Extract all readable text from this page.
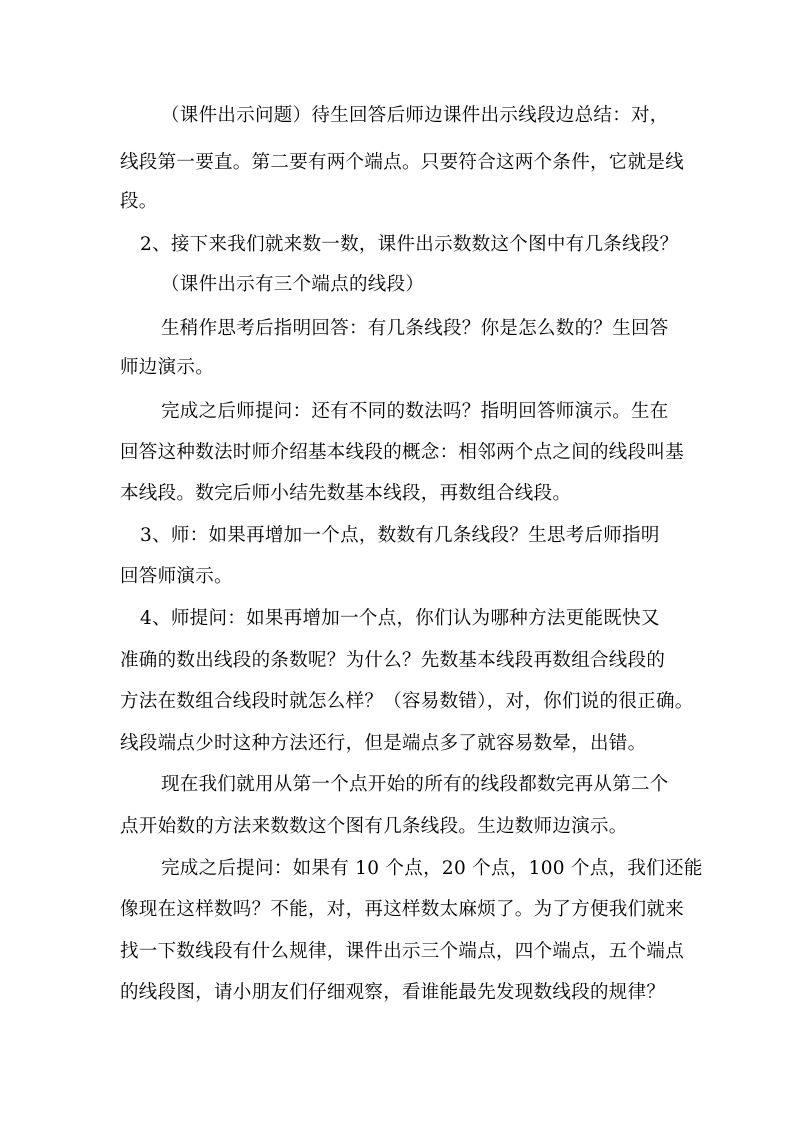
（课件出示问题）待生回答后师边课件出示线段边总结：对，
线段第一要直。第二要有两个端点。只要符合这两个条件，它就是线
段。
2、接下来我们就来数一数，课件出示数数这个图中有几条线段？
（课件出示有三个端点的线段）
生稍作思考后指明回答：有几条线段？你是怎么数的？生回答
师边演示。
完成之后师提问：还有不同的数法吗？指明回答师演示。生在
回答这种数法时师介绍基本线段的概念：相邻两个点之间的线段叫基
本线段。数完后师小结先数基本线段，再数组合线段。
3、师：如果再增加一个点，数数有几条线段？生思考后师指明
回答师演示。
4、师提问：如果再增加一个点，你们认为哪种方法更能既快又
准确的数出线段的条数呢？为什么？先数基本线段再数组合线段的
方法在数组合线段时就怎么样？（容易数错），对，你们说的很正确。
线段端点少时这种方法还行，但是端点多了就容易数晕，出错。
现在我们就用从第一个点开始的所有的线段都数完再从第二个
点开始数的方法来数数这个图有几条线段。生边数师边演示。
完成之后提问：如果有 10 个点，20 个点，100 个点，我们还能
像现在这样数吗？不能，对，再这样数太麻烦了。为了方便我们就来
找一下数线段有什么规律，课件出示三个端点，四个端点，五个端点
的线段图，请小朋友们仔细观察，看谁能最先发现数线段的规律？
